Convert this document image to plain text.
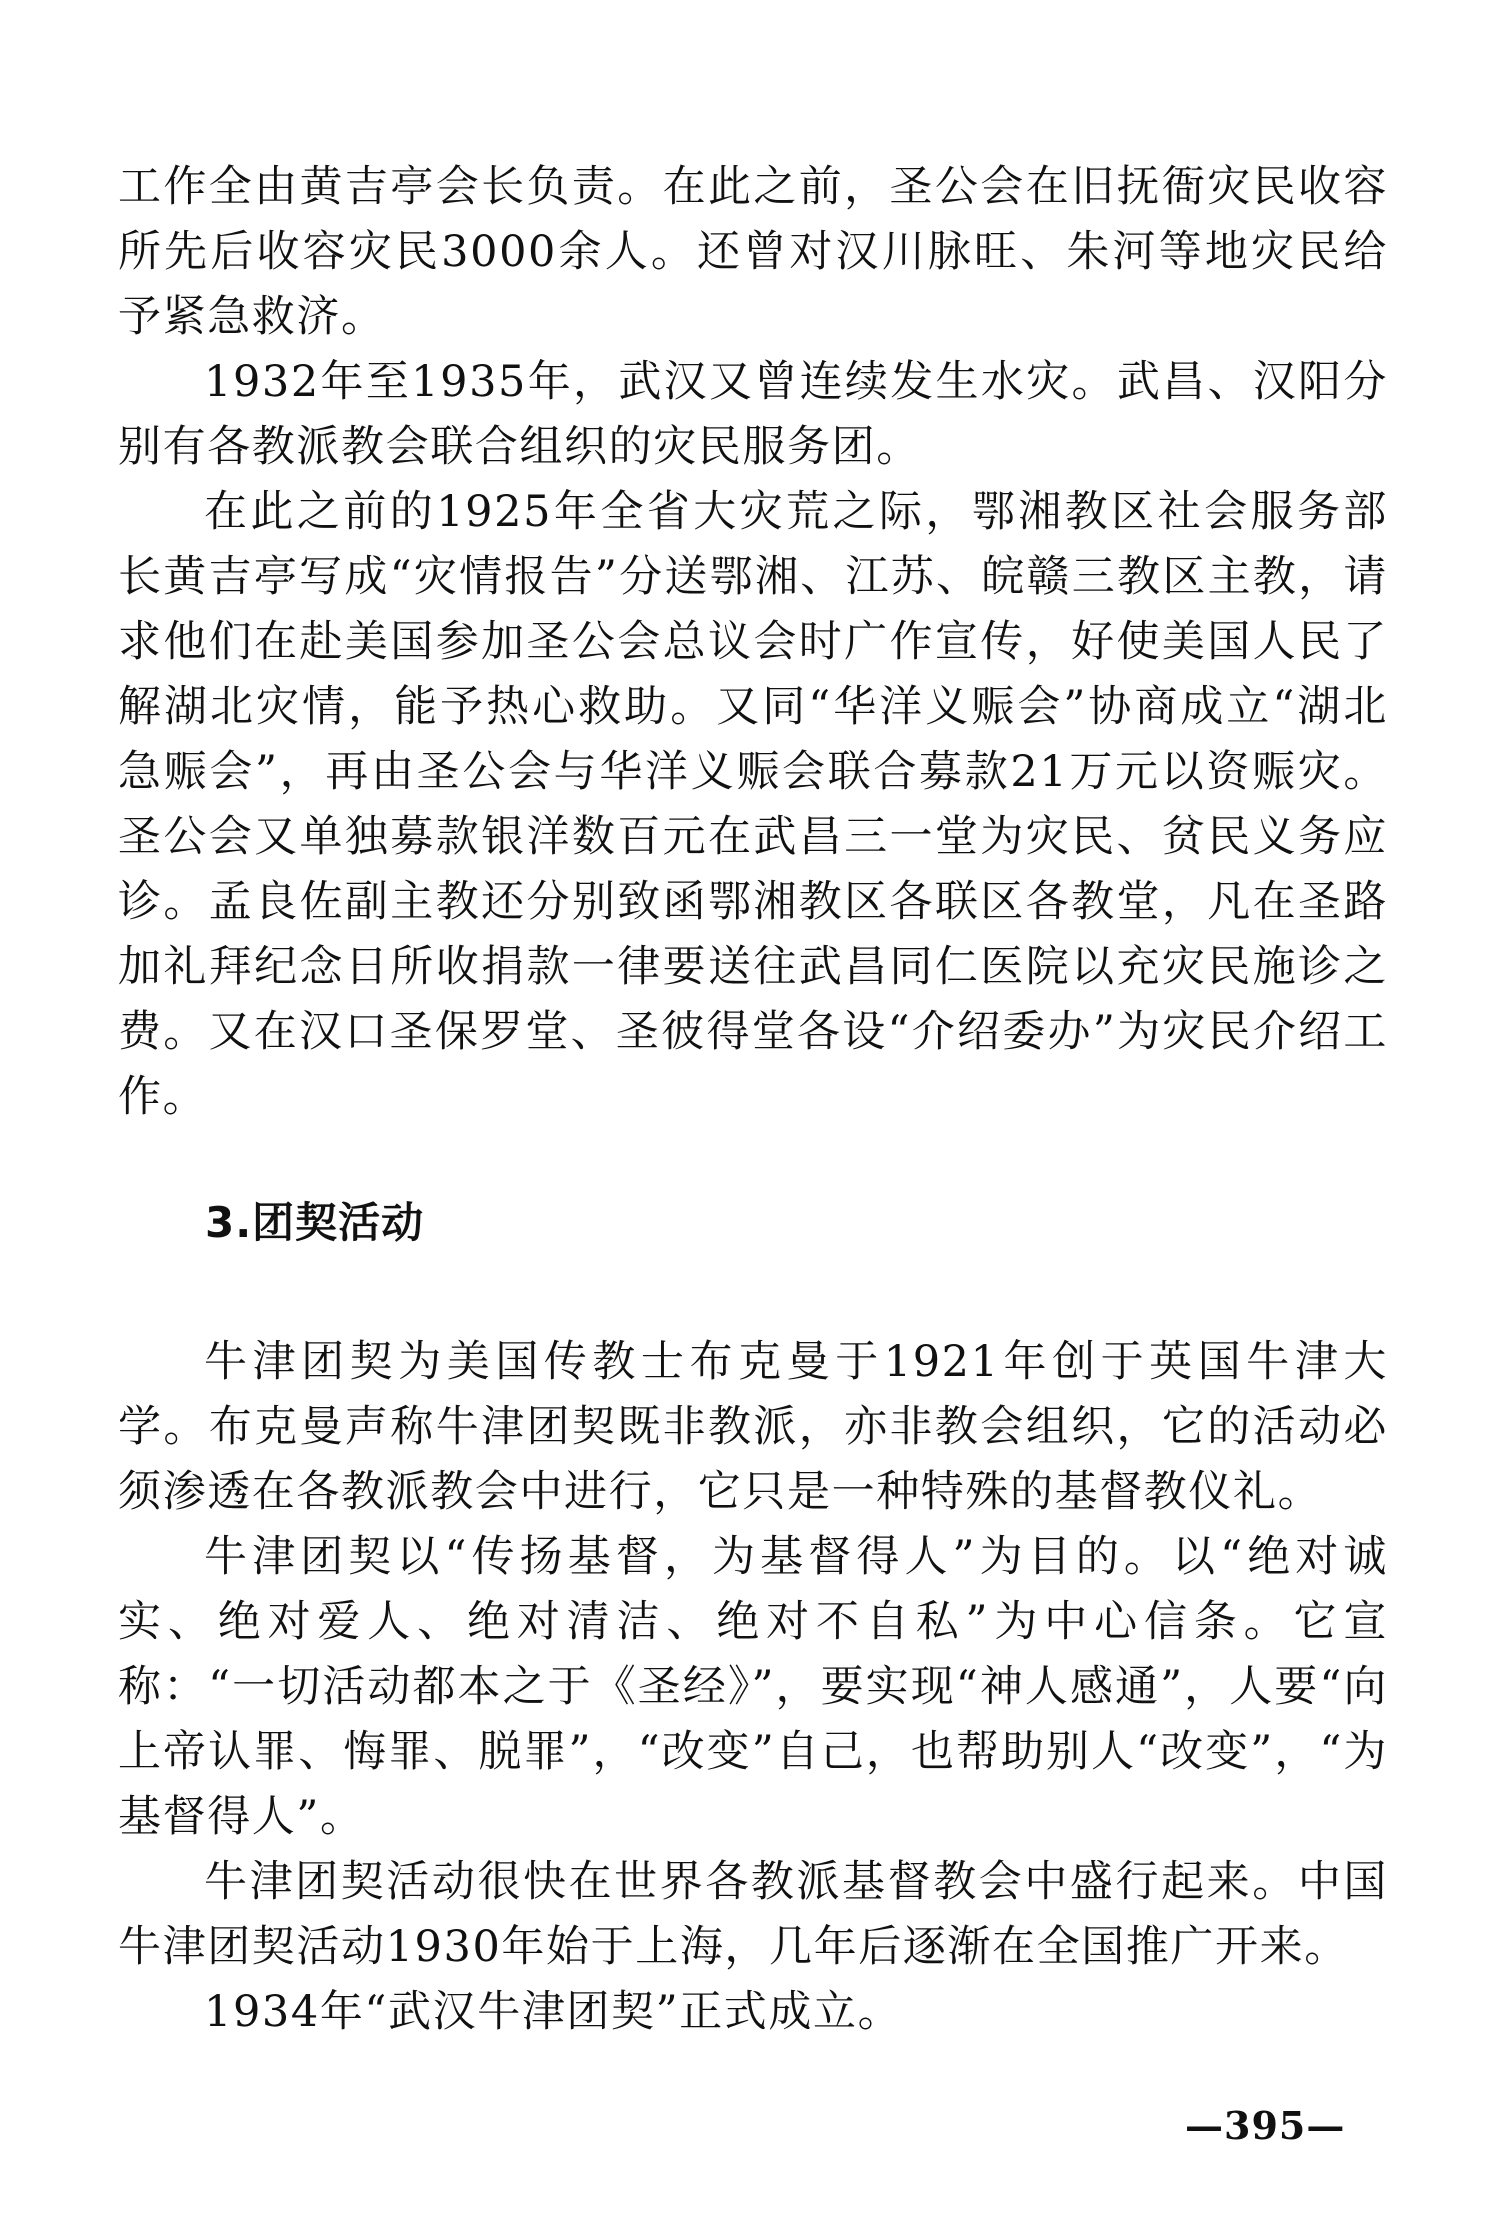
工作全由黄吉亭会长负责。在此之前，圣公会在旧抚衙灾民收容所先后收容灾民3000余人。还曾对汉川脉旺、朱河等地灾民给予紧急救济。

1932年至1935年，武汉又曾连续发生水灾。武昌、汉阳分别有各教派教会联合组织的灾民服务团。

在此之前的1925年全省大灾荒之际，鄂湘教区社会服务部长黄吉亭写成“灾情报告”分送鄂湘、江苏、皖赣三教区主教，请求他们在赴美国参加圣公会总议会时广作宣传，好使美国人民了解湖北灾情，能予热心救助。又同“华洋义赈会”协商成立“湖北急赈会”，再由圣公会与华洋义赈会联合募款21万元以资赈灾。圣公会又单独募款银洋数百元在武昌三一堂为灾民、贫民义务应诊。孟良佐副主教还分别致函鄂湘教区各联区各教堂，凡在圣路加礼拜纪念日所收捐款一律要送往武昌同仁医院以充灾民施诊之费。又在汉口圣保罗堂、圣彼得堂各设“介绍委办”为灾民介绍工作。

3.团契活动

牛津团契为美国传教士布克曼于1921年创于英国牛津大学。布克曼声称牛津团契既非教派，亦非教会组织，它的活动必须渗透在各教派教会中进行，它只是一种特殊的基督教仪礼。

牛津团契以“传扬基督，为基督得人”为目的。以“绝对诚实、绝对爱人、绝对清洁、绝对不自私”为中心信条。它宣称：“一切活动都本之于《圣经》”，要实现“神人感通”，人要“向上帝认罪、悔罪、脱罪”，“改变”自己，也帮助别人“改变”，“为基督得人”。

牛津团契活动很快在世界各教派基督教会中盛行起来。中国牛津团契活动1930年始于上海，几年后逐渐在全国推广开来。

1934年“武汉牛津团契”正式成立。

—395—
